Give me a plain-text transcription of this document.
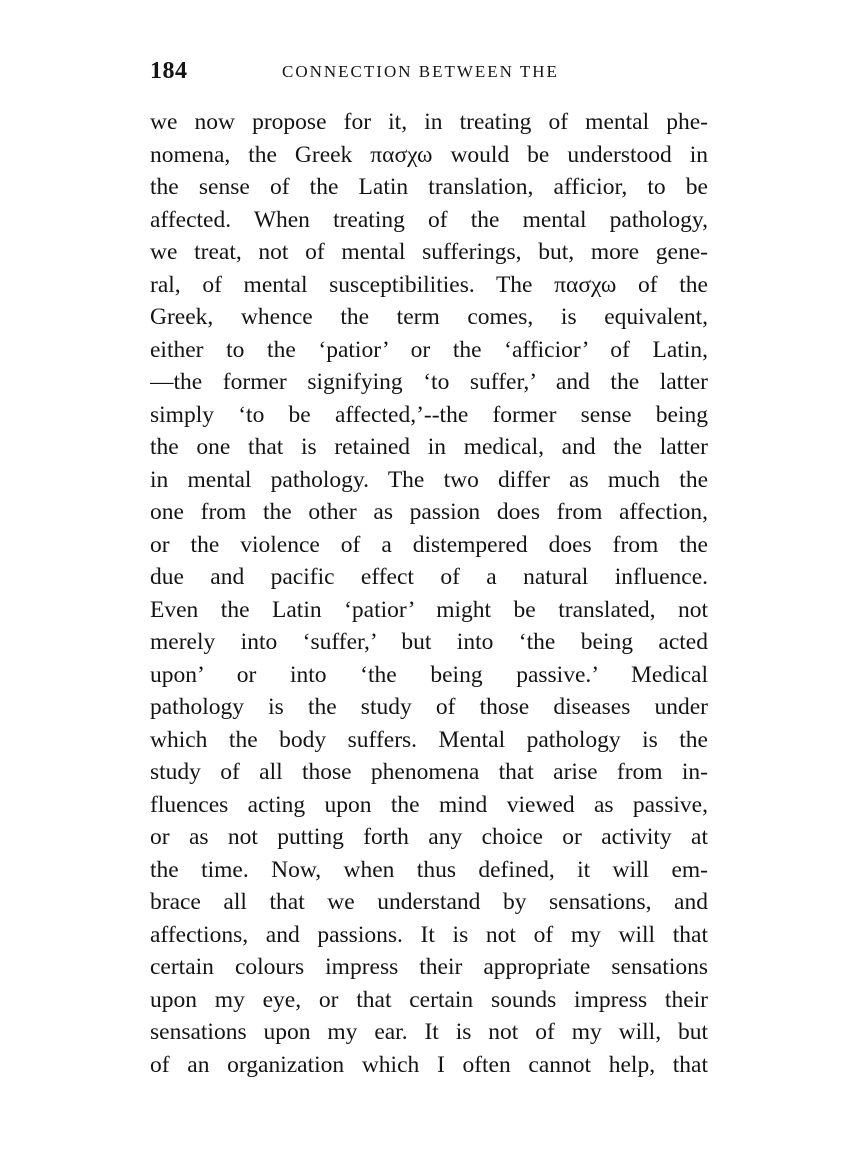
184	CONNECTION BETWEEN THE
we now propose for it, in treating of mental phe-
nomena, the Greek πασχω would be understood in
the sense of the Latin translation, afficior, to be
affected. When treating of the mental pathology,
we treat, not of mental sufferings, but, more gene-
ral, of mental susceptibilities. The πασχω of the
Greek, whence the term comes, is equivalent,
either to the ‘patior’ or the ‘afficior’ of Latin,
—the former signifying ‘to suffer,’ and the latter
simply ‘to be affected,’--the former sense being
the one that is retained in medical, and the latter
in mental pathology. The two differ as much the
one from the other as passion does from affection,
or the violence of a distempered does from the
due and pacific effect of a natural influence.
Even the Latin ‘patior’ might be translated, not
merely into ‘suffer,’ but into ‘the being acted
upon’ or into ‘the being passive.’ Medical
pathology is the study of those diseases under
which the body suffers. Mental pathology is the
study of all those phenomena that arise from in-
fluences acting upon the mind viewed as passive,
or as not putting forth any choice or activity at
the time. Now, when thus defined, it will em-
brace all that we understand by sensations, and
affections, and passions. It is not of my will that
certain colours impress their appropriate sensations
upon my eye, or that certain sounds impress their
sensations upon my ear. It is not of my will, but
of an organization which I often cannot help, that
